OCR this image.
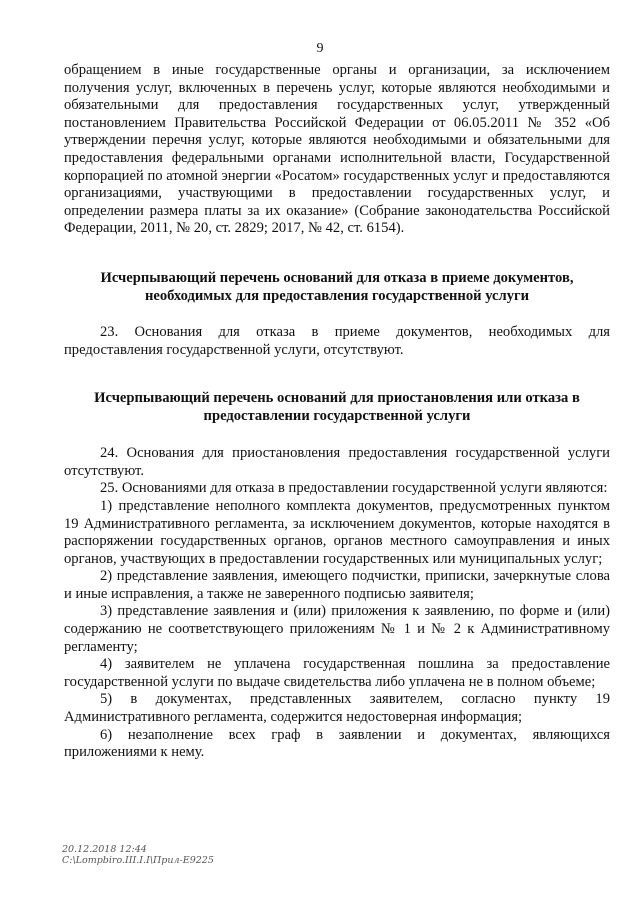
9

обращением в иные государственные органы и организации, за исключением получения услуг, включенных в перечень услуг, которые являются необходимыми и обязательными для предоставления государственных услуг, утвержденный постановлением Правительства Российской Федерации от 06.05.2011 № 352 «Об утверждении перечня услуг, которые являются необходимыми и обязательными для предоставления федеральными органами исполнительной власти, Государственной корпорацией по атомной энергии «Росатом» государственных услуг и предоставляются организациями, участвующими в предоставлении государственных услуг, и определении размера платы за их оказание» (Собрание законодательства Российской Федерации, 2011, № 20, ст. 2829; 2017, № 42, ст. 6154).

Исчерпывающий перечень оснований для отказа в приеме документов,
необходимых для предоставления государственной услуги

23. Основания для отказа в приеме документов, необходимых для предоставления государственной услуги, отсутствуют.

Исчерпывающий перечень оснований для приостановления или отказа в
предоставлении государственной услуги

24. Основания для приостановления предоставления государственной услуги отсутствуют.

25. Основаниями для отказа в предоставлении государственной услуги являются:

1) представление неполного комплекта документов, предусмотренных пунктом 19 Административного регламента, за исключением документов, которые находятся в распоряжении государственных органов, органов местного самоуправления и иных органов, участвующих в предоставлении государственных или муниципальных услуг;

2) представление заявления, имеющего подчистки, приписки, зачеркнутые слова и иные исправления, а также не заверенного подписью заявителя;

3) представление заявления и (или) приложения к заявлению, по форме и (или) содержанию не соответствующего приложениям № 1 и № 2 к Административному регламенту;

4) заявителем не уплачена государственная пошлина за предоставление государственной услуги по выдаче свидетельства либо уплачена не в полном объеме;

5) в документах, представленных заявителем, согласно пункту 19 Административного регламента, содержится недостоверная информация;

6) незаполнение всех граф в заявлении и документах, являющихся приложениями к нему.

20.12.2018 12:44
C:\Lompbiro.III.I.I\Прил-Е9225
